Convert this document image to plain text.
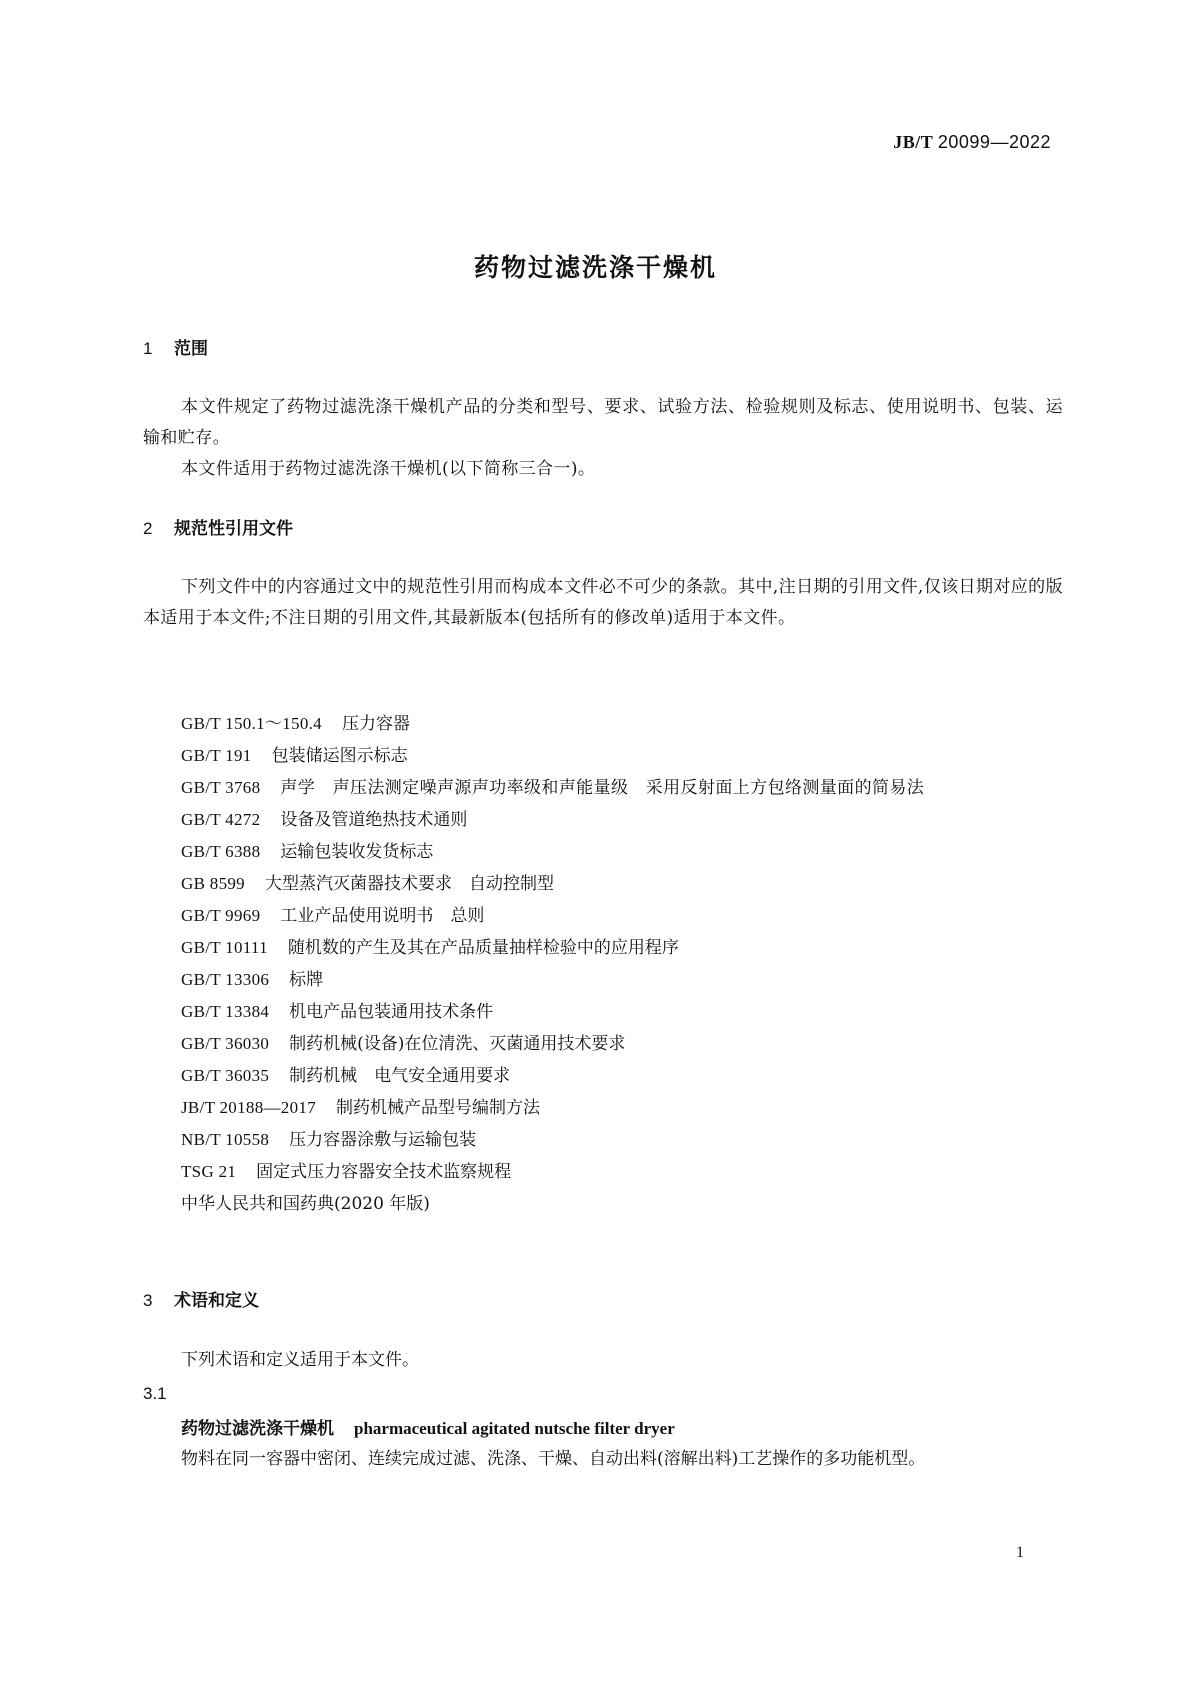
JB/T 20099—2022
药物过滤洗涤干燥机
1 范围

本文件规定了药物过滤洗涤干燥机产品的分类和型号、要求、试验方法、检验规则及标志、使用说明书、包装、运输和贮存。

本文件适用于药物过滤洗涤干燥机(以下简称三合一)。

2 规范性引用文件

下列文件中的内容通过文中的规范性引用而构成本文件必不可少的条款。其中,注日期的引用文件,仅该日期对应的版本适用于本文件;不注日期的引用文件,其最新版本(包括所有的修改单)适用于本文件。

GB/T 150.1～150.4 压力容器
GB/T 191 包装储运图示标志
GB/T 3768 声学　声压法测定噪声源声功率级和声能量级　采用反射面上方包络测量面的简易法
GB/T 4272 设备及管道绝热技术通则
GB/T 6388 运输包装收发货标志
GB 8599 大型蒸汽灭菌器技术要求　自动控制型
GB/T 9969 工业产品使用说明书　总则
GB/T 10111 随机数的产生及其在产品质量抽样检验中的应用程序
GB/T 13306 标牌
GB/T 13384 机电产品包装通用技术条件
GB/T 36030 制药机械(设备)在位清洗、灭菌通用技术要求
GB/T 36035 制药机械　电气安全通用要求
JB/T 20188—2017 制药机械产品型号编制方法
NB/T 10558 压力容器涂敷与运输包装
TSG 21 固定式压力容器安全技术监察规程
中华人民共和国药典(2020 年版)
3 术语和定义
下列术语和定义适用于本文件。
3.1
药物过滤洗涤干燥机 pharmaceutical agitated nutsche filter dryer
物料在同一容器中密闭、连续完成过滤、洗涤、干燥、自动出料(溶解出料)工艺操作的多功能机型。
1
